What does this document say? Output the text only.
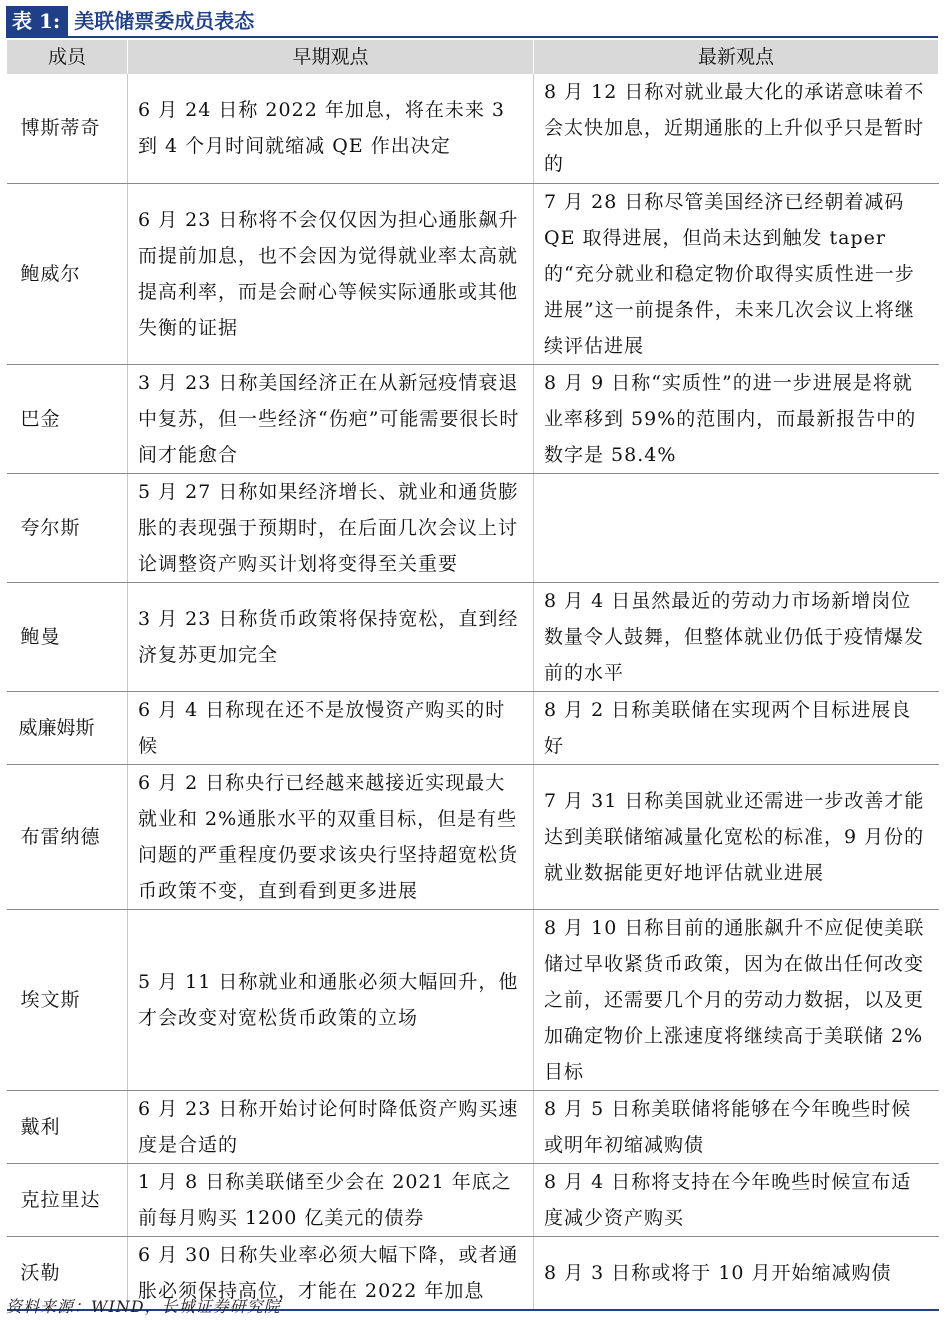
表 1: 美联储票委成员表态
成员	早期观点	最新观点
博斯蒂奇	6 月 24 日称 2022 年加息，将在未来 3 到 4 个月时间就缩减 QE 作出决定	8 月 12 日称对就业最大化的承诺意味着不会太快加息，近期通胀的上升似乎只是暂时的
鲍威尔	6 月 23 日称将不会仅仅因为担心通胀飙升而提前加息，也不会因为觉得就业率太高就提高利率，而是会耐心等候实际通胀或其他失衡的证据	7 月 28 日称尽管美国经济已经朝着减码 QE 取得进展，但尚未达到触发 taper 的“充分就业和稳定物价取得实质性进一步进展”这一前提条件，未来几次会议上将继续评估进展
巴金	3 月 23 日称美国经济正在从新冠疫情衰退中复苏，但一些经济“伤疤”可能需要很长时间才能愈合	8 月 9 日称“实质性”的进一步进展是将就业率移到 59%的范围内，而最新报告中的数字是 58.4%
夸尔斯	5 月 27 日称如果经济增长、就业和通货膨胀的表现强于预期时，在后面几次会议上讨论调整资产购买计划将变得至关重要	
鲍曼	3 月 23 日称货币政策将保持宽松，直到经济复苏更加完全	8 月 4 日虽然最近的劳动力市场新增岗位数量令人鼓舞，但整体就业仍低于疫情爆发前的水平
威廉姆斯	6 月 4 日称现在还不是放慢资产购买的时候	8 月 2 日称美联储在实现两个目标进展良好
布雷纳德	6 月 2 日称央行已经越来越接近实现最大就业和 2%通胀水平的双重目标，但是有些问题的严重程度仍要求该央行坚持超宽松货币政策不变，直到看到更多进展	7 月 31 日称美国就业还需进一步改善才能达到美联储缩减量化宽松的标准，9 月份的就业数据能更好地评估就业进展
埃文斯	5 月 11 日称就业和通胀必须大幅回升，他才会改变对宽松货币政策的立场	8 月 10 日称目前的通胀飙升不应促使美联储过早收紧货币政策，因为在做出任何改变之前，还需要几个月的劳动力数据，以及更加确定物价上涨速度将继续高于美联储 2% 目标
戴利	6 月 23 日称开始讨论何时降低资产购买速度是合适的	8 月 5 日称美联储将能够在今年晚些时候或明年初缩减购债
克拉里达	1 月 8 日称美联储至少会在 2021 年底之前每月购买 1200 亿美元的债券	8 月 4 日称将支持在今年晚些时候宣布适度减少资产购买
沃勒	6 月 30 日称失业率必须大幅下降，或者通胀必须保持高位，才能在 2022 年加息	8 月 3 日称或将于 10 月开始缩减购债
资料来源：WIND，长城证券研究院
